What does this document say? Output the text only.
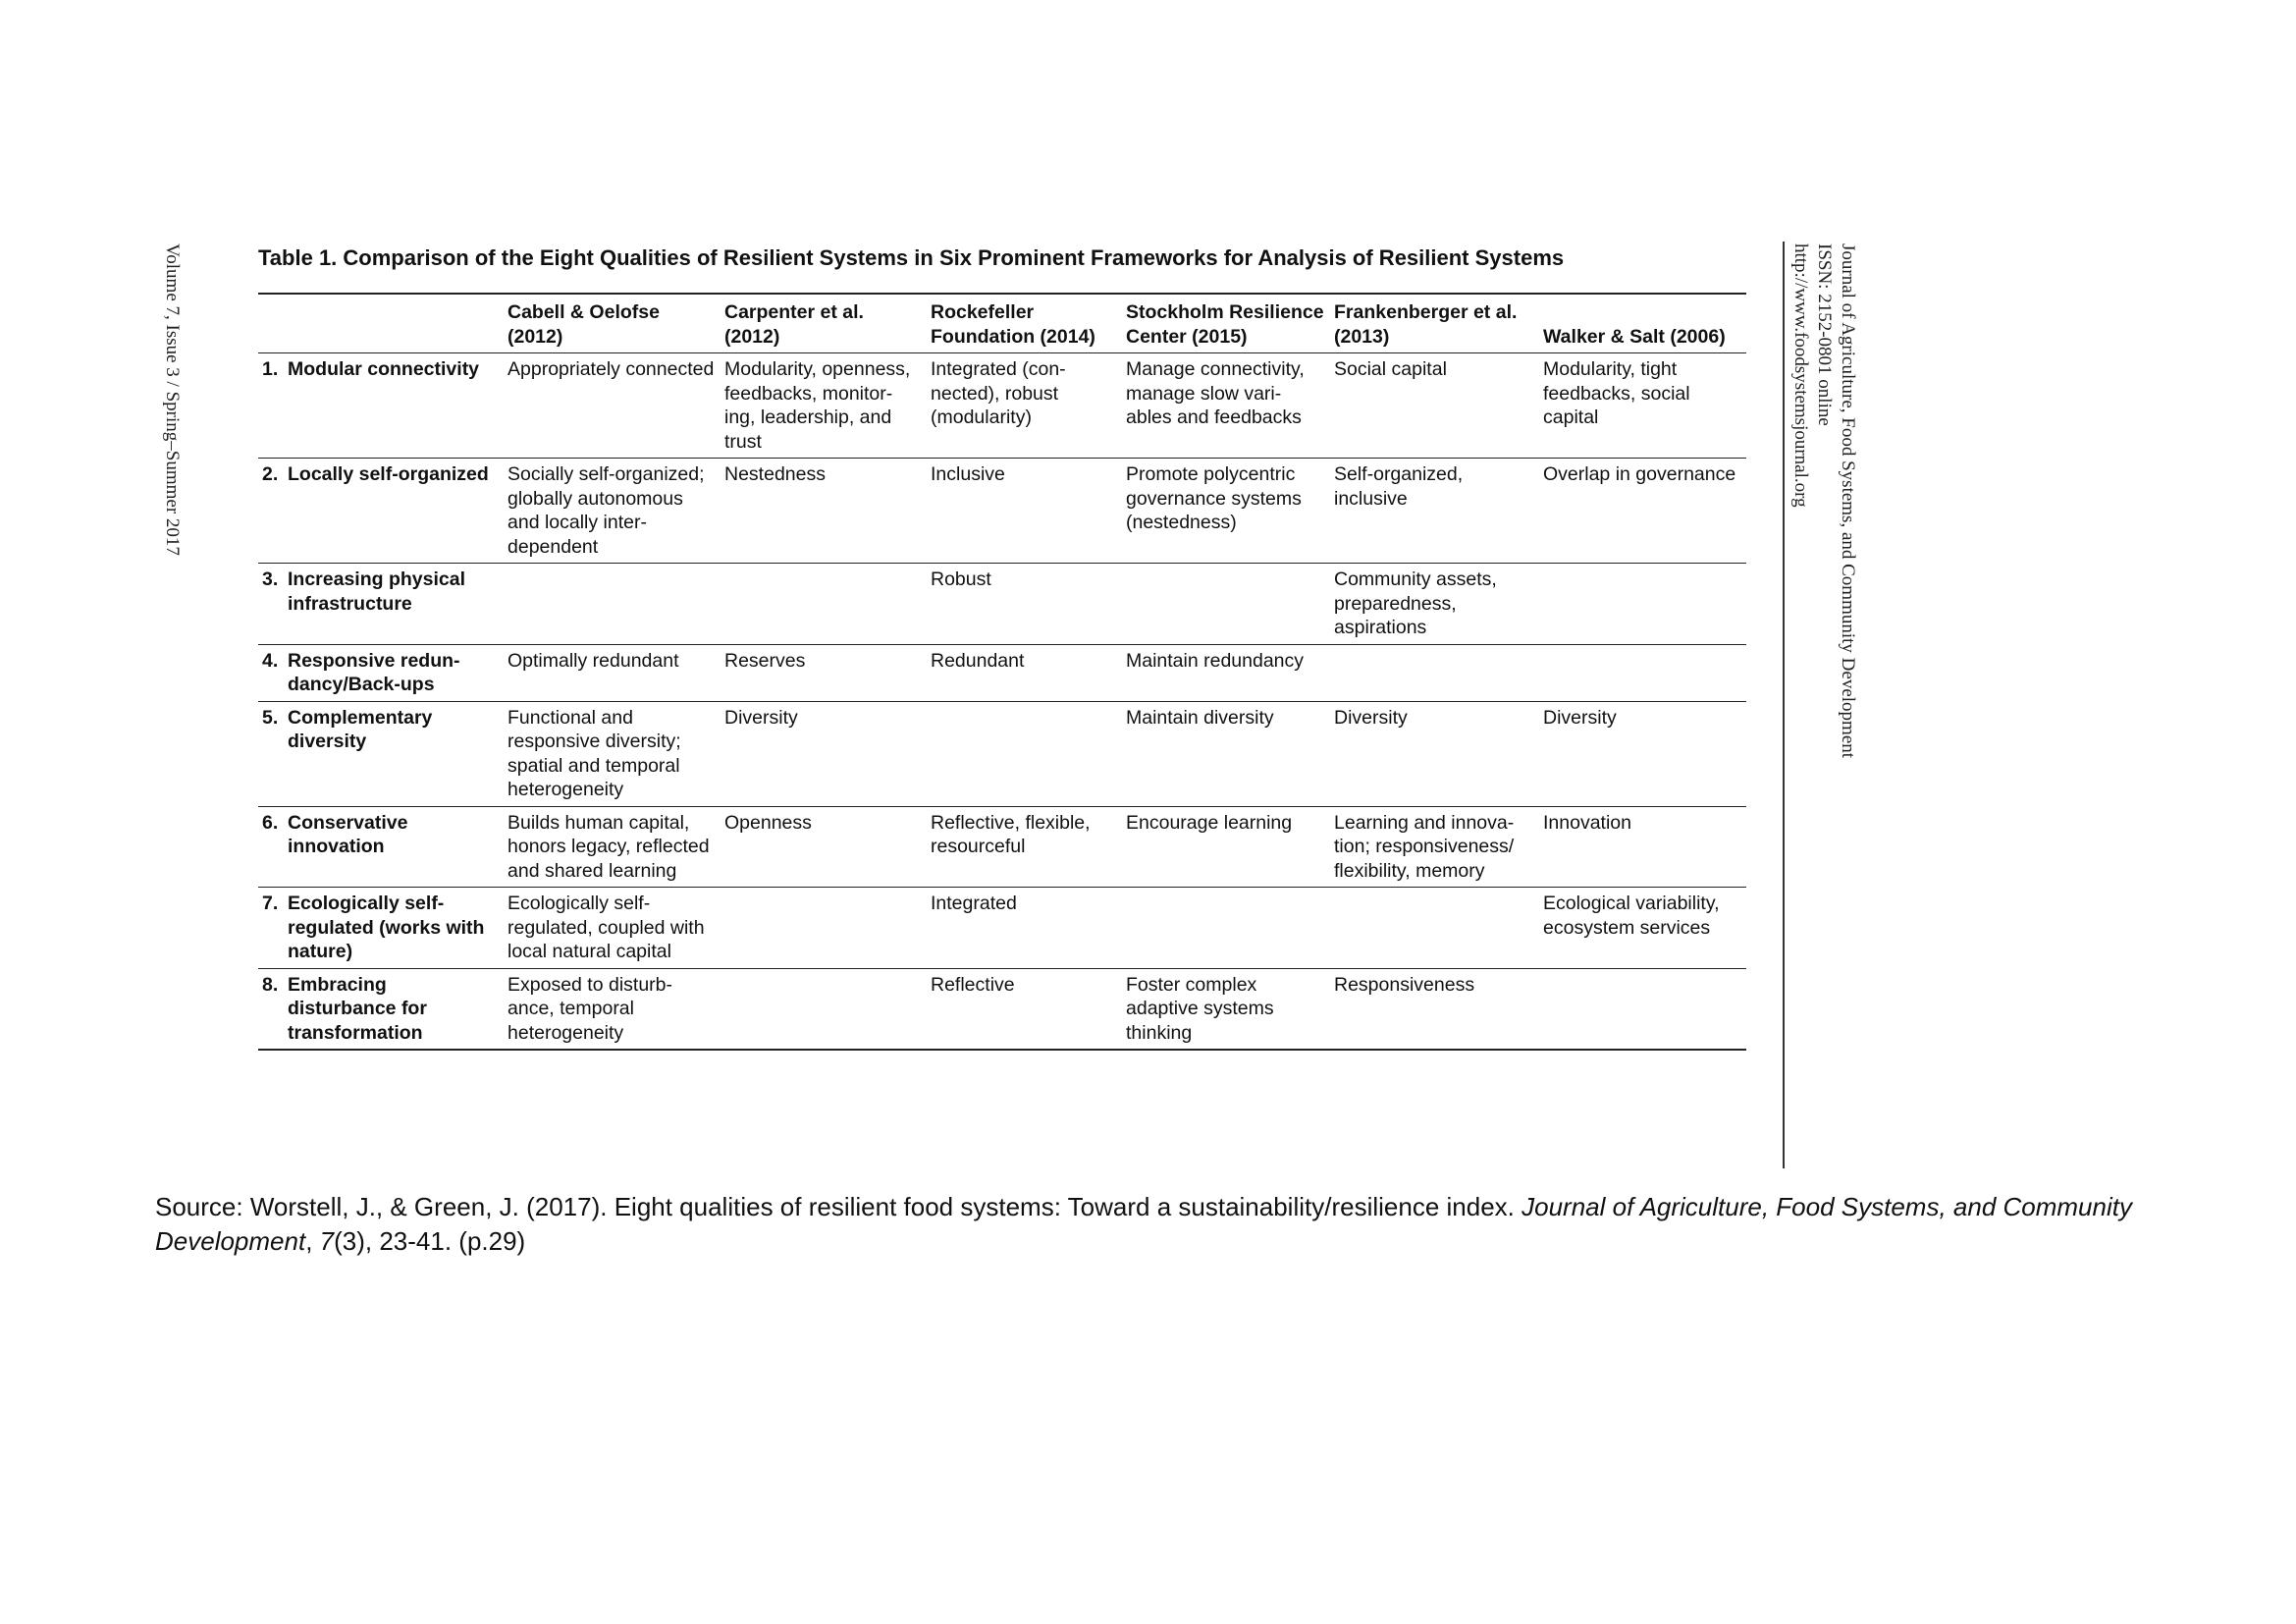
Volume 7, Issue 3 / Spring–Summer 2017	Journal of Agriculture, Food Systems, and Community Development
ISSN: 2152-0801 online
http://www.foodsystemsjournal.org
Table 1. Comparison of the Eight Qualities of Resilient Systems in Six Prominent Frameworks for Analysis of Resilient Systems
	Cabell & Oelofse (2012)	Carpenter et al. (2012)	Rockefeller Foundation (2014)	Stockholm Resilience Center (2015)	Frankenberger et al. (2013)	Walker & Salt (2006)

1. Modular connectivity	Appropriately connected	Modularity, openness, feedbacks, monitor-ing, leadership, and trust	Integrated (con-nected), robust (modularity)	Manage connectivity, manage slow vari-ables and feedbacks	Social capital	Modularity, tight feedbacks, social capital

2. Locally self-organized	Socially self-organized; globally autonomous and locally inter-dependent	Nestedness	Inclusive	Promote polycentric governance systems (nestedness)	Self-organized, inclusive	Overlap in governance

3. Increasing physical infrastructure			Robust		Community assets, preparedness, aspirations	

4. Responsive redun-dancy/Back-ups	Optimally redundant	Reserves	Redundant	Maintain redundancy		

5. Complementary diversity	Functional and responsive diversity; spatial and temporal heterogeneity	Diversity		Maintain diversity	Diversity	Diversity

6. Conservative innovation	Builds human capital, honors legacy, reflected and shared learning	Openness	Reflective, flexible, resourceful	Encourage learning	Learning and innova-tion; responsiveness/ flexibility, memory	Innovation

7. Ecologically self-regulated (works with nature)	Ecologically self-regulated, coupled with local natural capital		Integrated			Ecological variability, ecosystem services

8. Embracing disturbance for transformation	Exposed to disturb-ance, temporal heterogeneity		Reflective	Foster complex adaptive systems thinking	Responsiveness	
Source: Worstell, J., & Green, J. (2017). Eight qualities of resilient food systems: Toward a sustainability/resilience index. Journal of Agriculture, Food Systems, and Community Development, 7(3), 23-41. (p.29)
